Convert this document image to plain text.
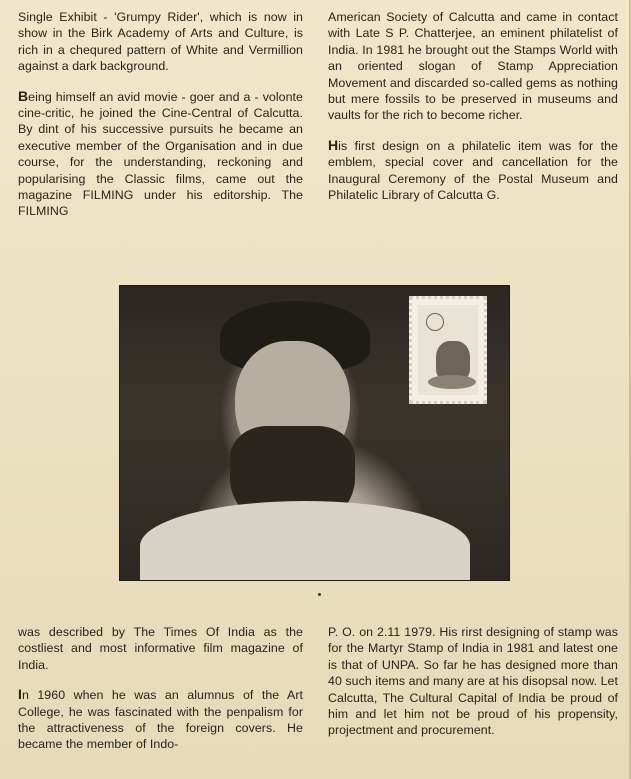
Single Exhibit - 'Grumpy Rider', which is now in show in the Birk Academy of Arts and Culture, is rich in a chequred pattern of White and Vermillion against a dark background.

Being himself an avid movie - goer and a - volonte cine-critic, he joined the Cine-Central of Calcutta. By dint of his successive pursuits he became an executive member of the Organisation and in due course, for the understanding, reckoning and popularising the Classic films, came out the magazine FILMING under his editorship. The FILMING

American Society of Calcutta and came in contact with Late S P. Chatterjee, an eminent philatelist of India. In 1981 he brought out the Stamps World with an oriented slogan of Stamp Appreciation Movement and discarded so-called gems as nothing but mere fossils to be preserved in museums and vaults for the rich to become richer.

His first design on a philatelic item was for the emblem, special cover and cancellation for the Inaugural Ceremony of the Postal Museum and Philatelic Library of Calcutta G.

was described by The Times Of India as the costliest and most informative film magazine of India.

In 1960 when he was an alumnus of the Art College, he was fascinated with the penpalism for the attractiveness of the foreign covers. He became the member of Indo-

P. O. on 2.11 1979. His rirst designing of stamp was for the Martyr Stamp of India in 1981 and latest one is that of UNPA. So far he has designed more than 40 such items and many are at his disopsal now. Let Calcutta, The Cultural Capital of India be proud of him and let him not be proud of his propensity, projectment and procurement.
